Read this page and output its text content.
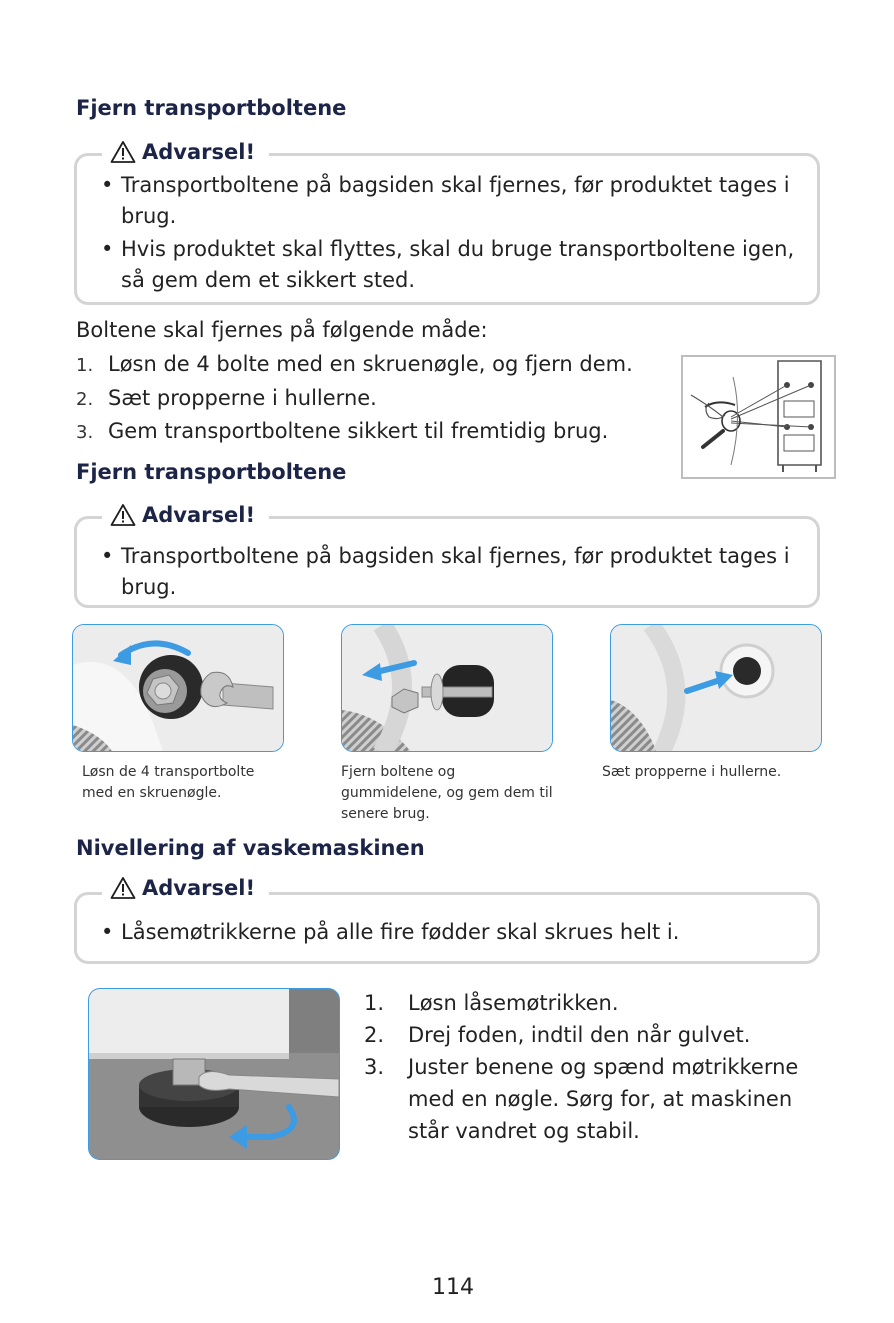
Fjern transportboltene
• Transportboltene på bagsiden skal fjernes, før produktet tages i brug.
• Hvis produktet skal flyttes, skal du bruge transportboltene igen, så gem dem et sikkert sted.
Advarsel!
Boltene skal fjernes på følgende måde:
1. Løsn de 4 bolte med en skruenøgle, og fjern dem.
2. Sæt propperne i hullerne.
3. Gem transportboltene sikkert til fremtidig brug.
Fjern transportboltene
• Transportboltene på bagsiden skal fjernes, før produktet tages i brug.
Advarsel!
Løsn de 4 transportbolte med en skruenøgle.
Fjern boltene og gummidelene, og gem dem til senere brug.
Sæt propperne i hullerne.
Nivellering af vaskemaskinen
• Låsemøtrikkerne på alle fire fødder skal skrues helt i.
Advarsel!
1. Løsn låsemøtrikken.
2. Drej foden, indtil den når gulvet.
3. Juster benene og spænd møtrikkerne med en nøgle. Sørg for, at maskinen står vandret og stabil.
114
